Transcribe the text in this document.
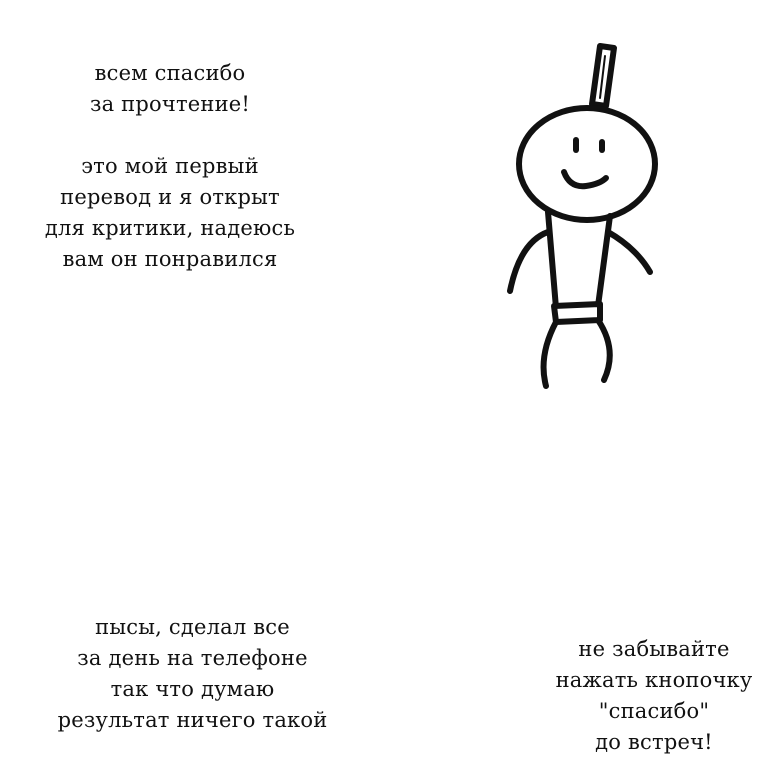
всем спасибо
за прочтение!
это мой первый
перевод и я открыт
для критики, надеюсь
вам он понравился
пысы, сделал все
за день на телефоне
так что думаю
результат ничего такой
не забывайте
нажать кнопочку
"спасибо"
до встреч!
